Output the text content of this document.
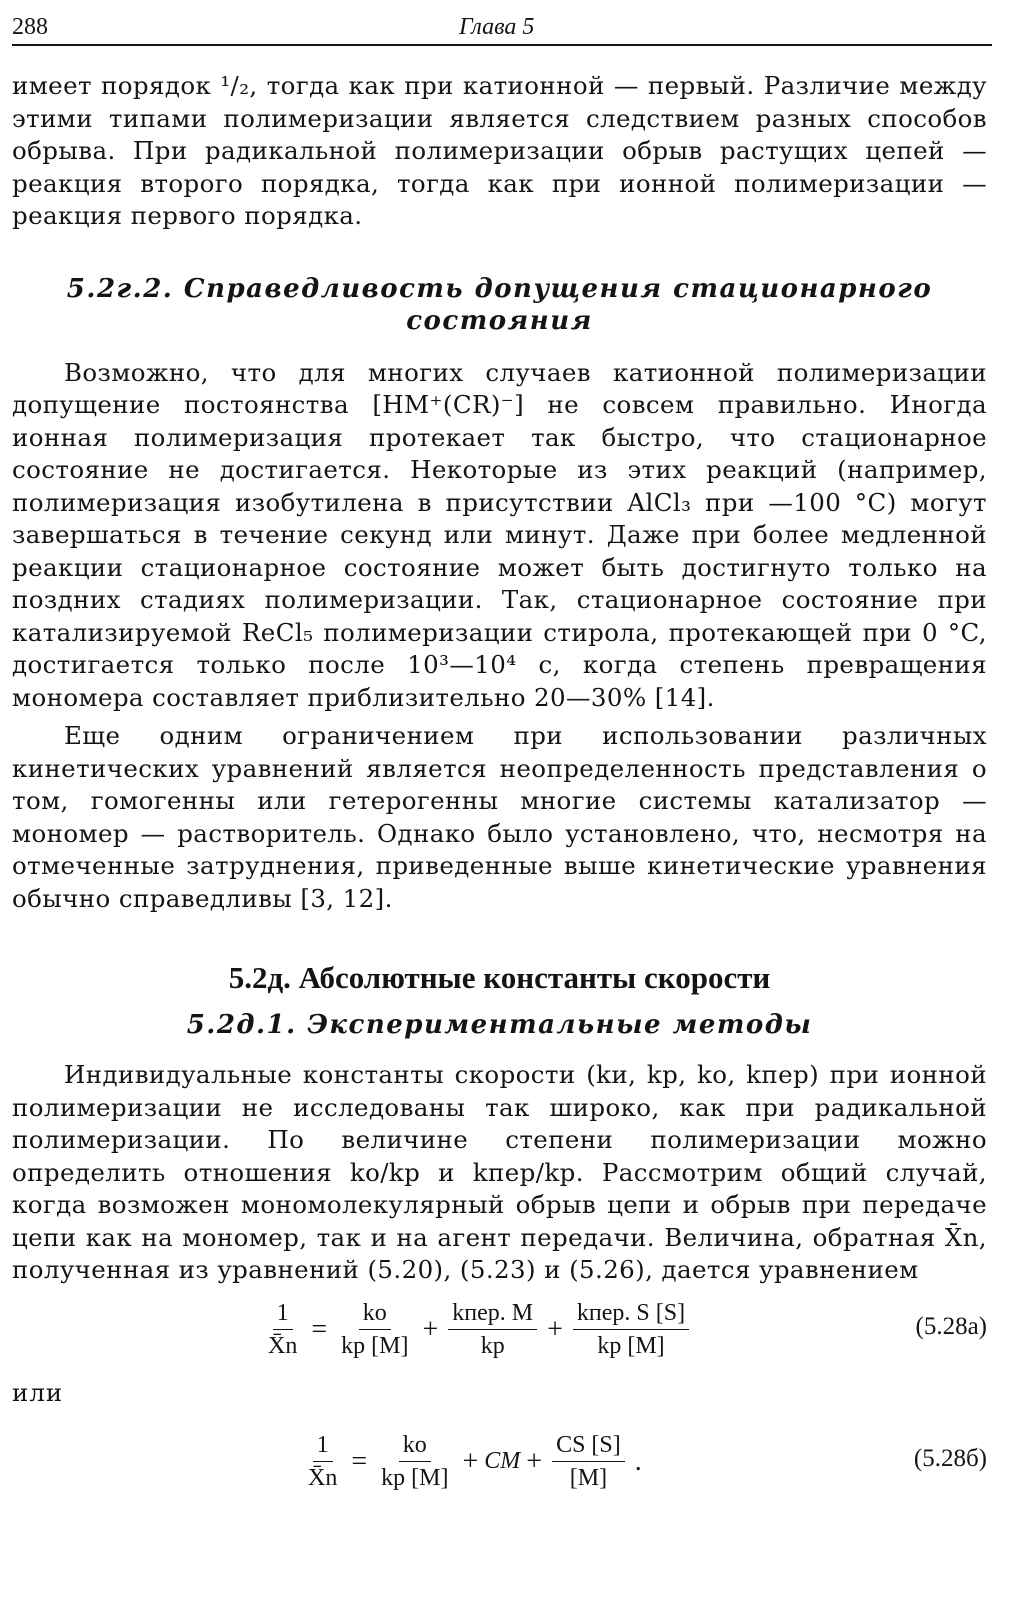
288	Глава 5

имеет порядок ¹/₂, тогда как при катионной — первый. Различие между этими типами полимеризации является следствием разных способов обрыва. При радикальной полимеризации обрыв растущих цепей — реакция второго порядка, тогда как при ионной полимеризации — реакция первого порядка.

5.2г.2. Справедливость допущения стационарного состояния

Возможно, что для многих случаев катионной полимеризации допущение постоянства [HM⁺(CR)⁻] не совсем правильно. Иногда ионная полимеризация протекает так быстро, что стационарное состояние не достигается. Некоторые из этих реакций (например, полимеризация изобутилена в присутствии AlCl₃ при —100 °C) могут завершаться в течение секунд или минут. Даже при более медленной реакции стационарное состояние может быть достигнуто только на поздних стадиях полимеризации. Так, стационарное состояние при катализируемой ReCl₅ полимеризации стирола, протекающей при 0 °C, достигается только после 10³—10⁴ с, когда степень превращения мономера составляет приблизительно 20—30% [14].

Еще одним ограничением при использовании различных кинетических уравнений является неопределенность представления о том, гомогенны или гетерогенны многие системы катализатор — мономер — растворитель. Однако было установлено, что, несмотря на отмеченные затруднения, приведенные выше кинетические уравнения обычно справедливы [3, 12].

5.2д. Абсолютные константы скорости
5.2д.1. Экспериментальные методы

Индивидуальные константы скорости (kи, kр, kо, kпер) при ионной полимеризации не исследованы так широко, как при радикальной полимеризации. По величине степени полимеризации можно определить отношения kо/kр и kпер/kр. Рассмотрим общий случай, когда возможен мономолекулярный обрыв цепи и обрыв при передаче цепи как на мономер, так и на агент передачи. Величина, обратная X̄n, полученная из уравнений (5.20), (5.23) и (5.26), дается уравнением

$\frac{1}{X̄n} = \frac{kо}{kр [M]} + \frac{\text{kпер. M}}{kр} + \frac{\text{kпер. S [S]}}{kр [M]}$	(5.28а)

или

$\frac{1}{X̄n} = \frac{kо}{kр [M]}$ + CM + $\frac{CS [S]}{[M]}$ .	(5.28б)
